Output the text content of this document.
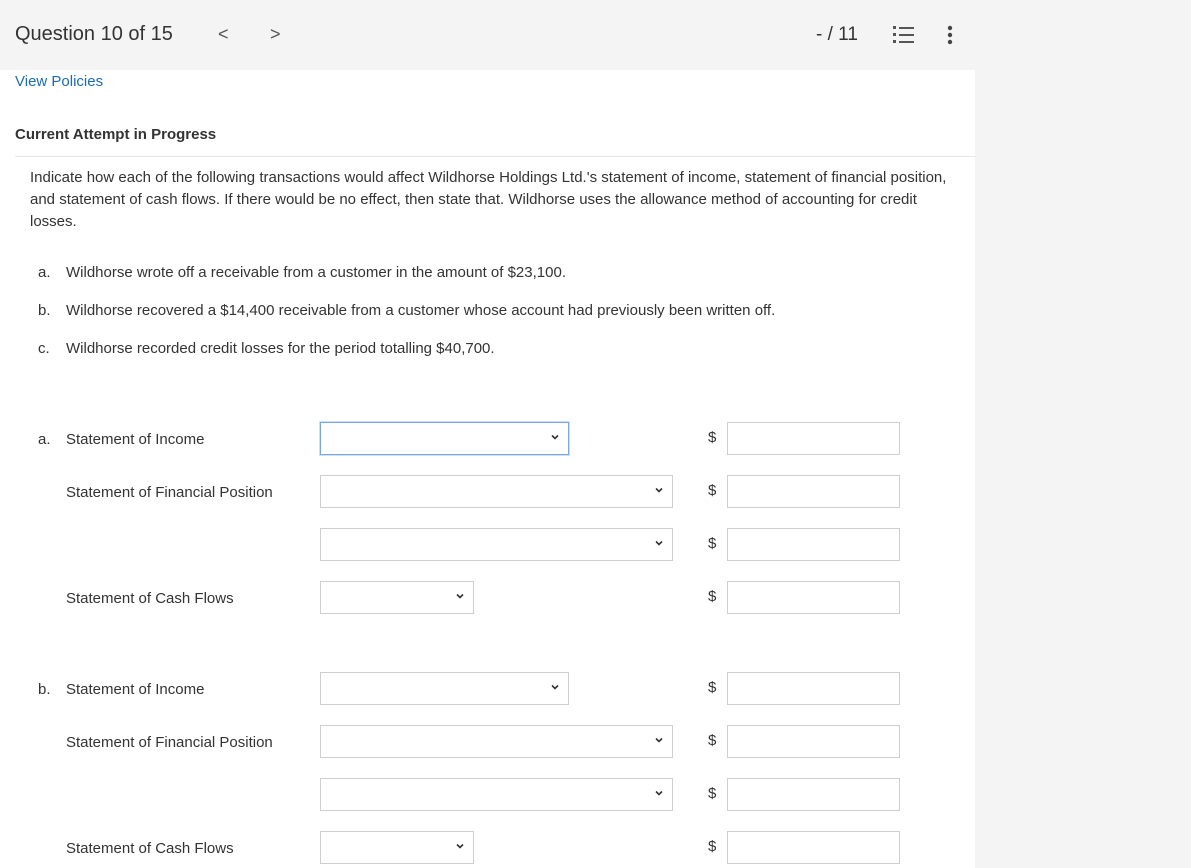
Question 10 of 15	< >	- / 11
View Policies
Current Attempt in Progress
Indicate how each of the following transactions would affect Wildhorse Holdings Ltd.'s statement of income, statement of financial position, and statement of cash flows. If there would be no effect, then state that. Wildhorse uses the allowance method of accounting for credit losses.
a. Wildhorse wrote off a receivable from a customer in the amount of $23,100.
b. Wildhorse recovered a $14,400 receivable from a customer whose account had previously been written off.
c. Wildhorse recorded credit losses for the period totalling $40,700.
a. Statement of Income	$
Statement of Financial Position	$
$
Statement of Cash Flows	$
b. Statement of Income	$
Statement of Financial Position	$
$
Statement of Cash Flows	$
